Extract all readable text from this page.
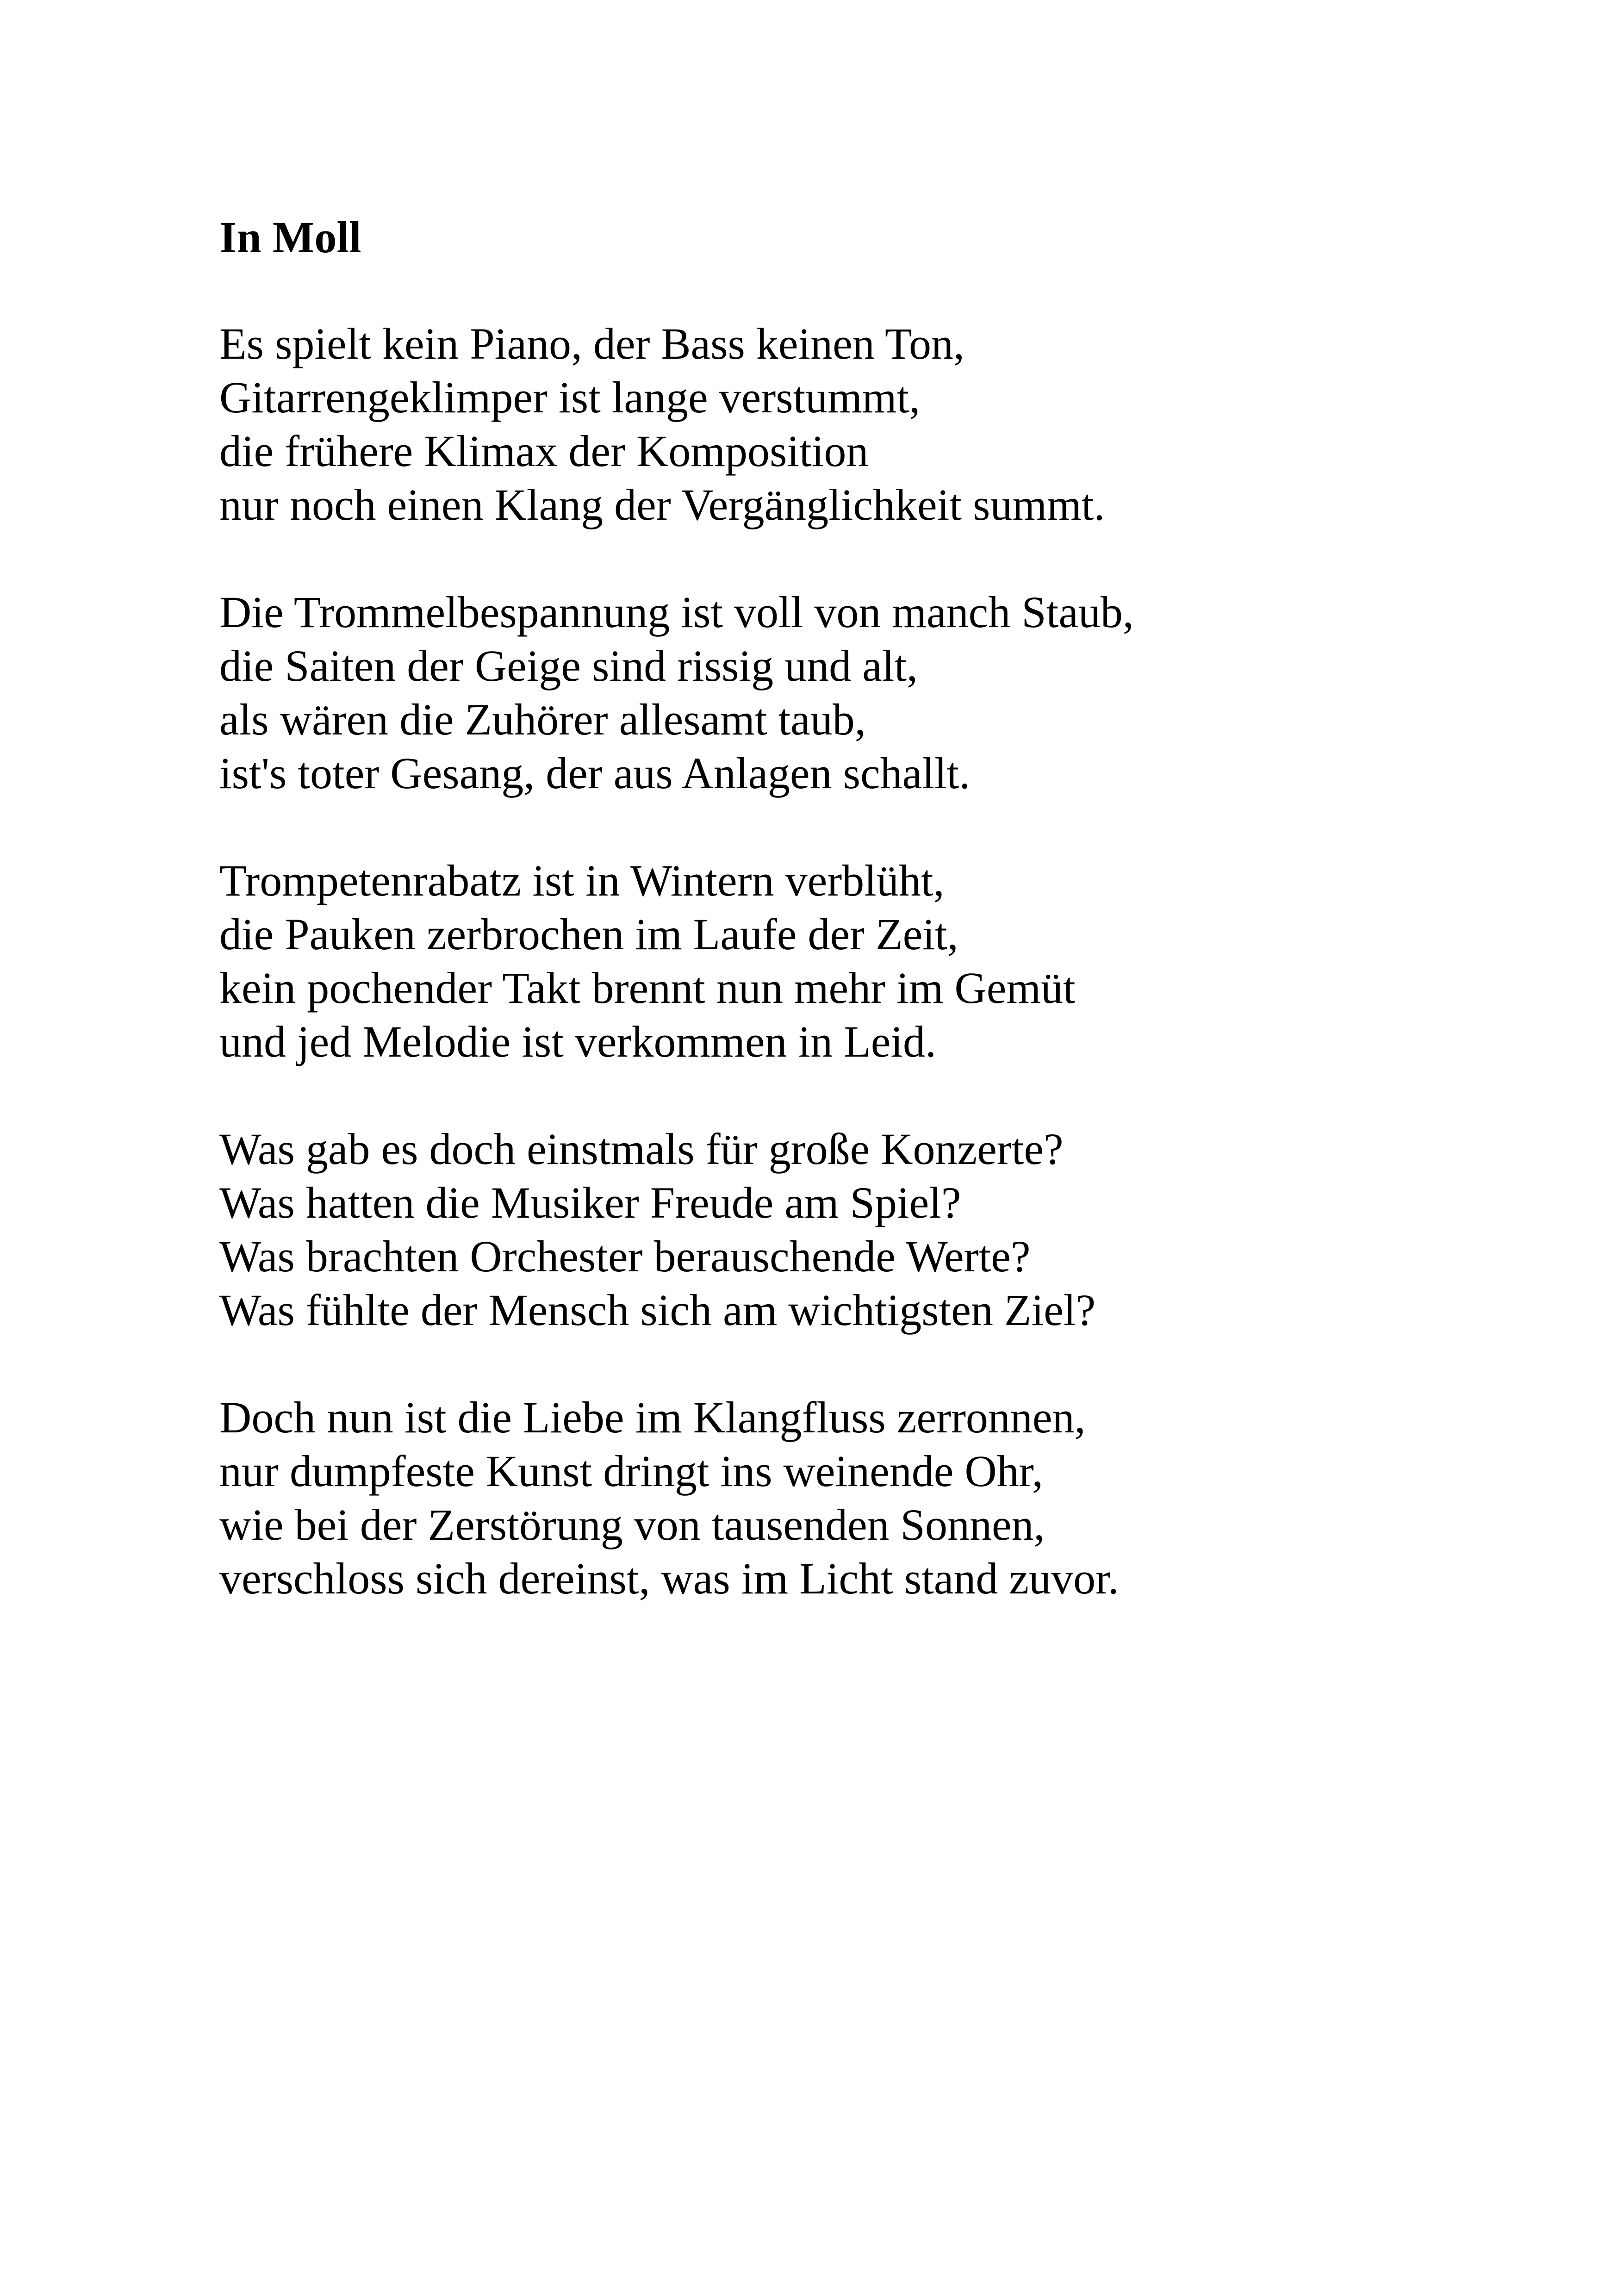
In Moll
Es spielt kein Piano, der Bass keinen Ton,
Gitarrengeklimper ist lange verstummt,
die frühere Klimax der Komposition
nur noch einen Klang der Vergänglichkeit summt.
Die Trommelbespannung ist voll von manch Staub,
die Saiten der Geige sind rissig und alt,
als wären die Zuhörer allesamt taub,
ist's toter Gesang, der aus Anlagen schallt.
Trompetenrabatz ist in Wintern verblüht,
die Pauken zerbrochen im Laufe der Zeit,
kein pochender Takt brennt nun mehr im Gemüt
und jed Melodie ist verkommen in Leid.
Was gab es doch einstmals für große Konzerte?
Was hatten die Musiker Freude am Spiel?
Was brachten Orchester berauschende Werte?
Was fühlte der Mensch sich am wichtigsten Ziel?
Doch nun ist die Liebe im Klangfluss zerronnen,
nur dumpfeste Kunst dringt ins weinende Ohr,
wie bei der Zerstörung von tausenden Sonnen,
verschloss sich dereinst, was im Licht stand zuvor.
